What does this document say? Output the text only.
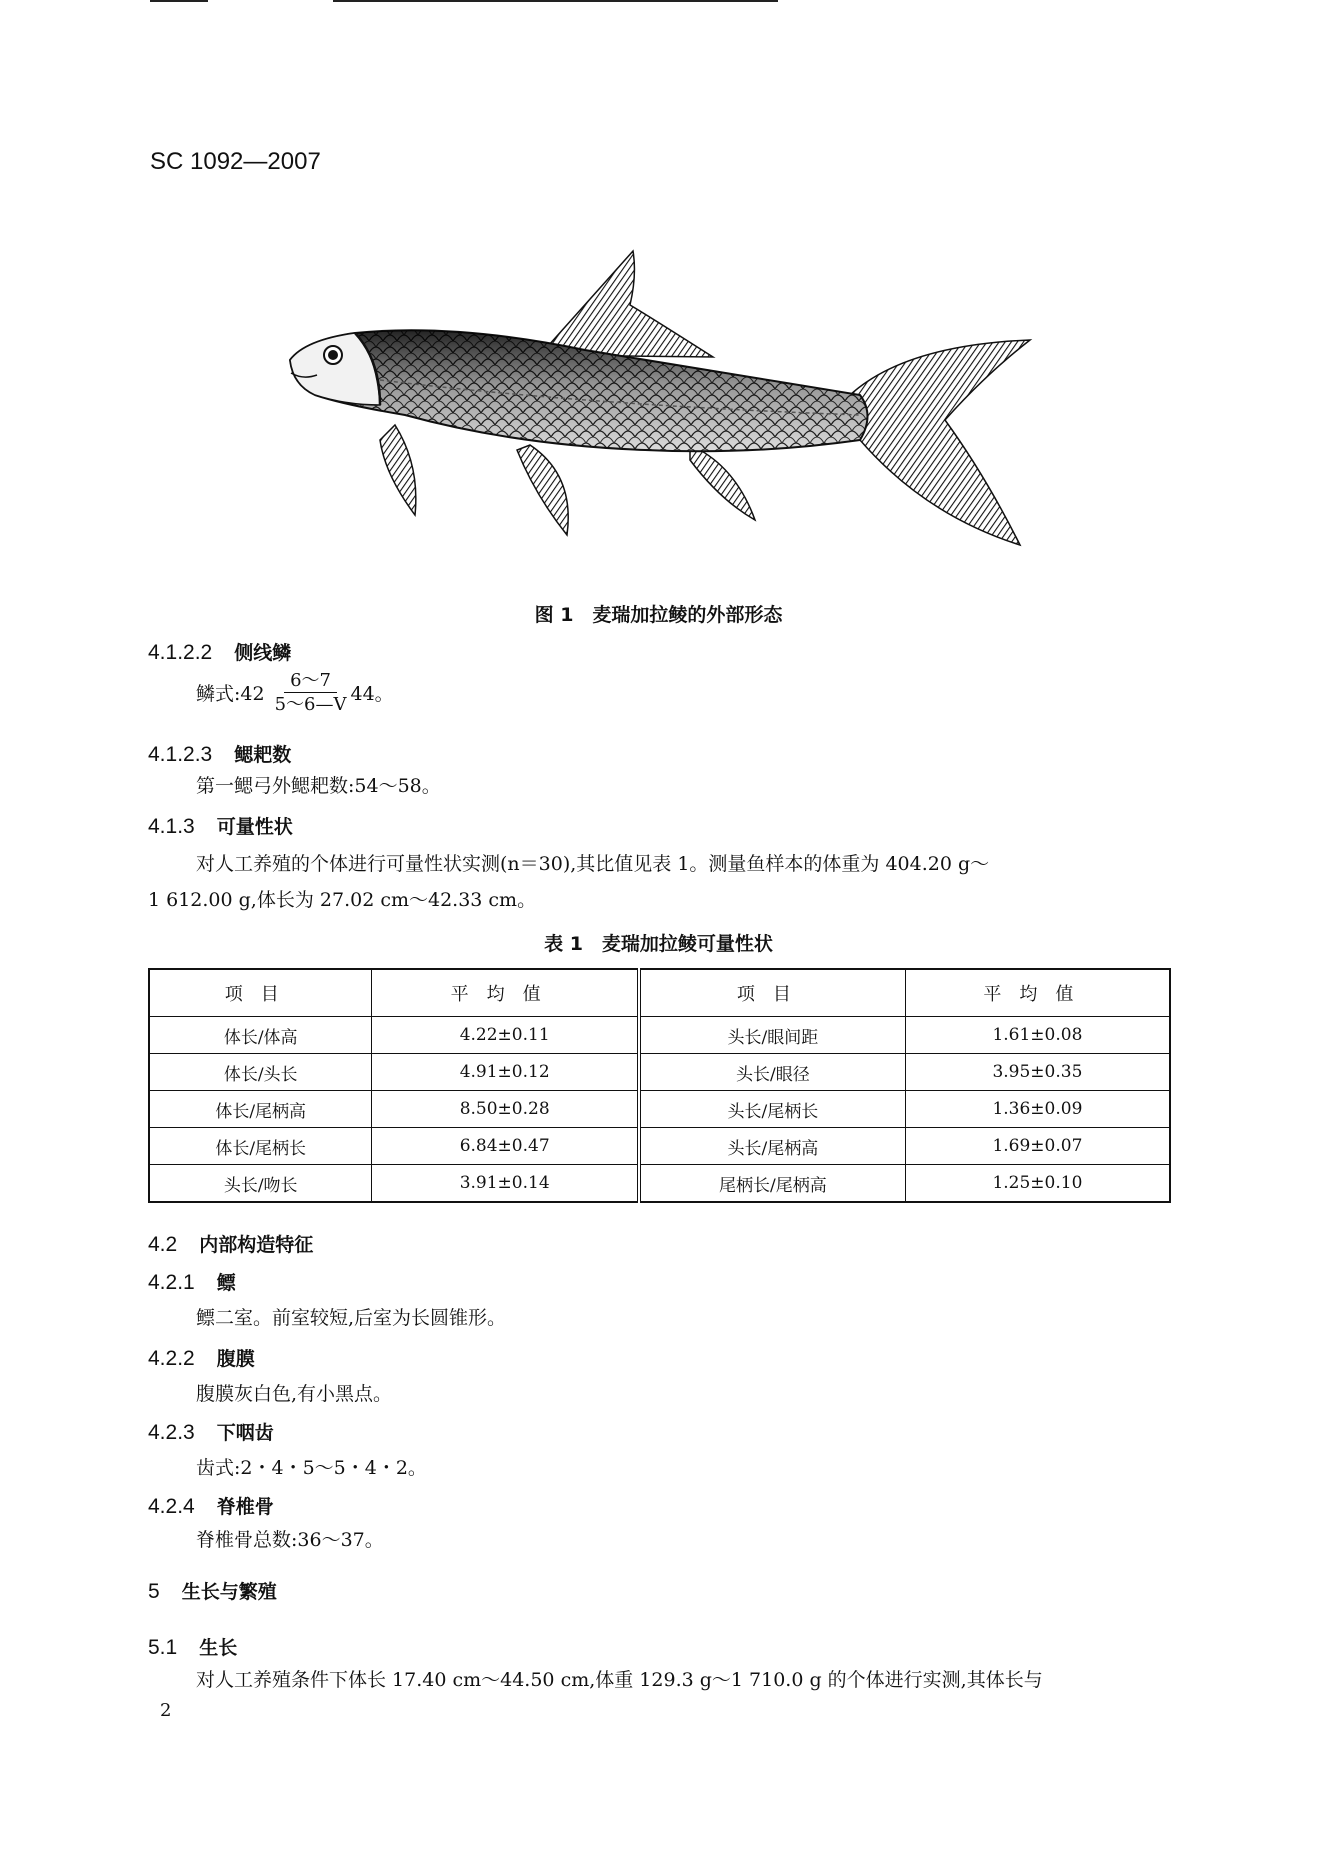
SC 1092—2007
图 1　麦瑞加拉鲮的外部形态
4.1.2.2 侧线鳞
鳞式:42 $\frac{6\sim 7}{5\sim 6—V} 44$。
4.1.2.3 鳃耙数
第一鳃弓外鳃耙数:54～58。
4.1.3 可量性状
对人工养殖的个体进行可量性状实测(n＝30),其比值见表 1。测量鱼样本的体重为 404.20 g～
1 612.00 g,体长为 27.02 cm～42.33 cm。
表 1　麦瑞加拉鲮可量性状
项目	平均值	项目	平均值
体长/体高	4.22±0.11	头长/眼间距	1.61±0.08
体长/头长	4.91±0.12	头长/眼径	3.95±0.35
体长/尾柄高	8.50±0.28	头长/尾柄长	1.36±0.09
体长/尾柄长	6.84±0.47	头长/尾柄高	1.69±0.07
头长/吻长	3.91±0.14	尾柄长/尾柄高	1.25±0.10
4.2 内部构造特征
4.2.1 鳔
鳔二室。前室较短,后室为长圆锥形。
4.2.2 腹膜
腹膜灰白色,有小黑点。
4.2.3 下咽齿
齿式:2・4・5～5・4・2。
4.2.4 脊椎骨
脊椎骨总数:36～37。
5 生长与繁殖
5.1 生长
对人工养殖条件下体长 17.40 cm～44.50 cm,体重 129.3 g～1 710.0 g 的个体进行实测,其体长与
2
